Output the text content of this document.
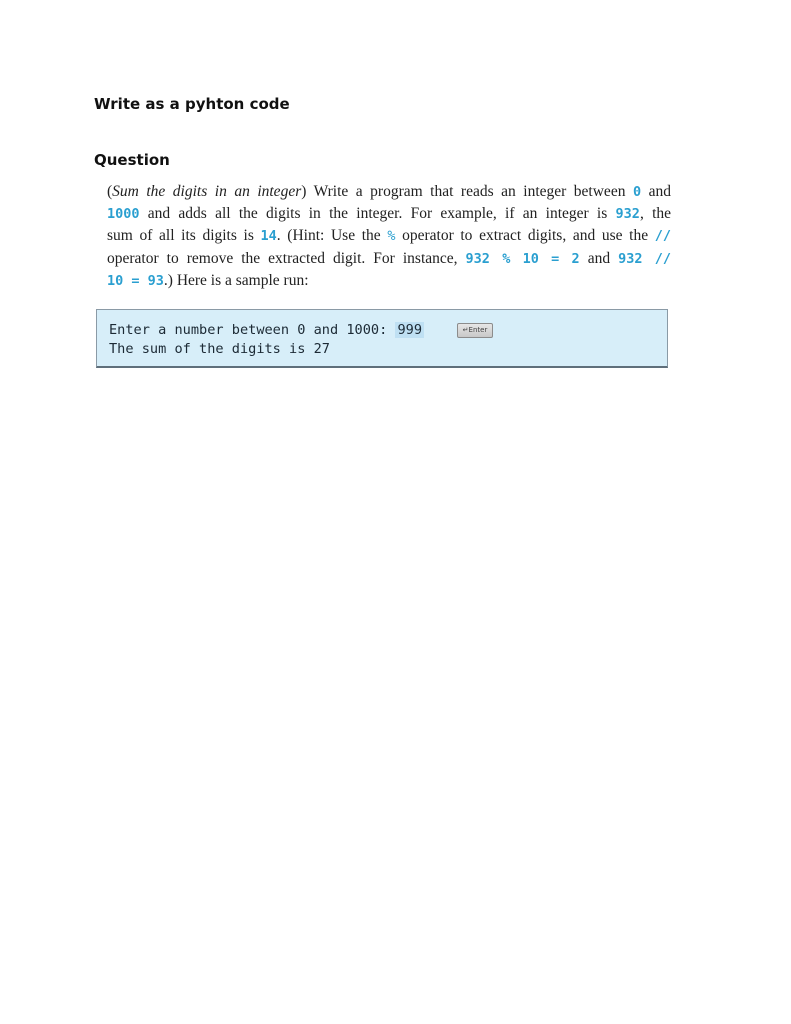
Write as a pyhton code
Question
(Sum the digits in an integer) Write a program that reads an integer between 0 and
1000 and adds all the digits in the integer. For example, if an integer is 932, the
sum of all its digits is 14. (Hint: Use the % operator to extract digits, and use the //
operator to remove the extracted digit. For instance, 932 % 10 = 2 and 932 //
10 = 93.) Here is a sample run:
Enter a number between 0 and 1000: 999	↵Enter
The sum of the digits is 27
